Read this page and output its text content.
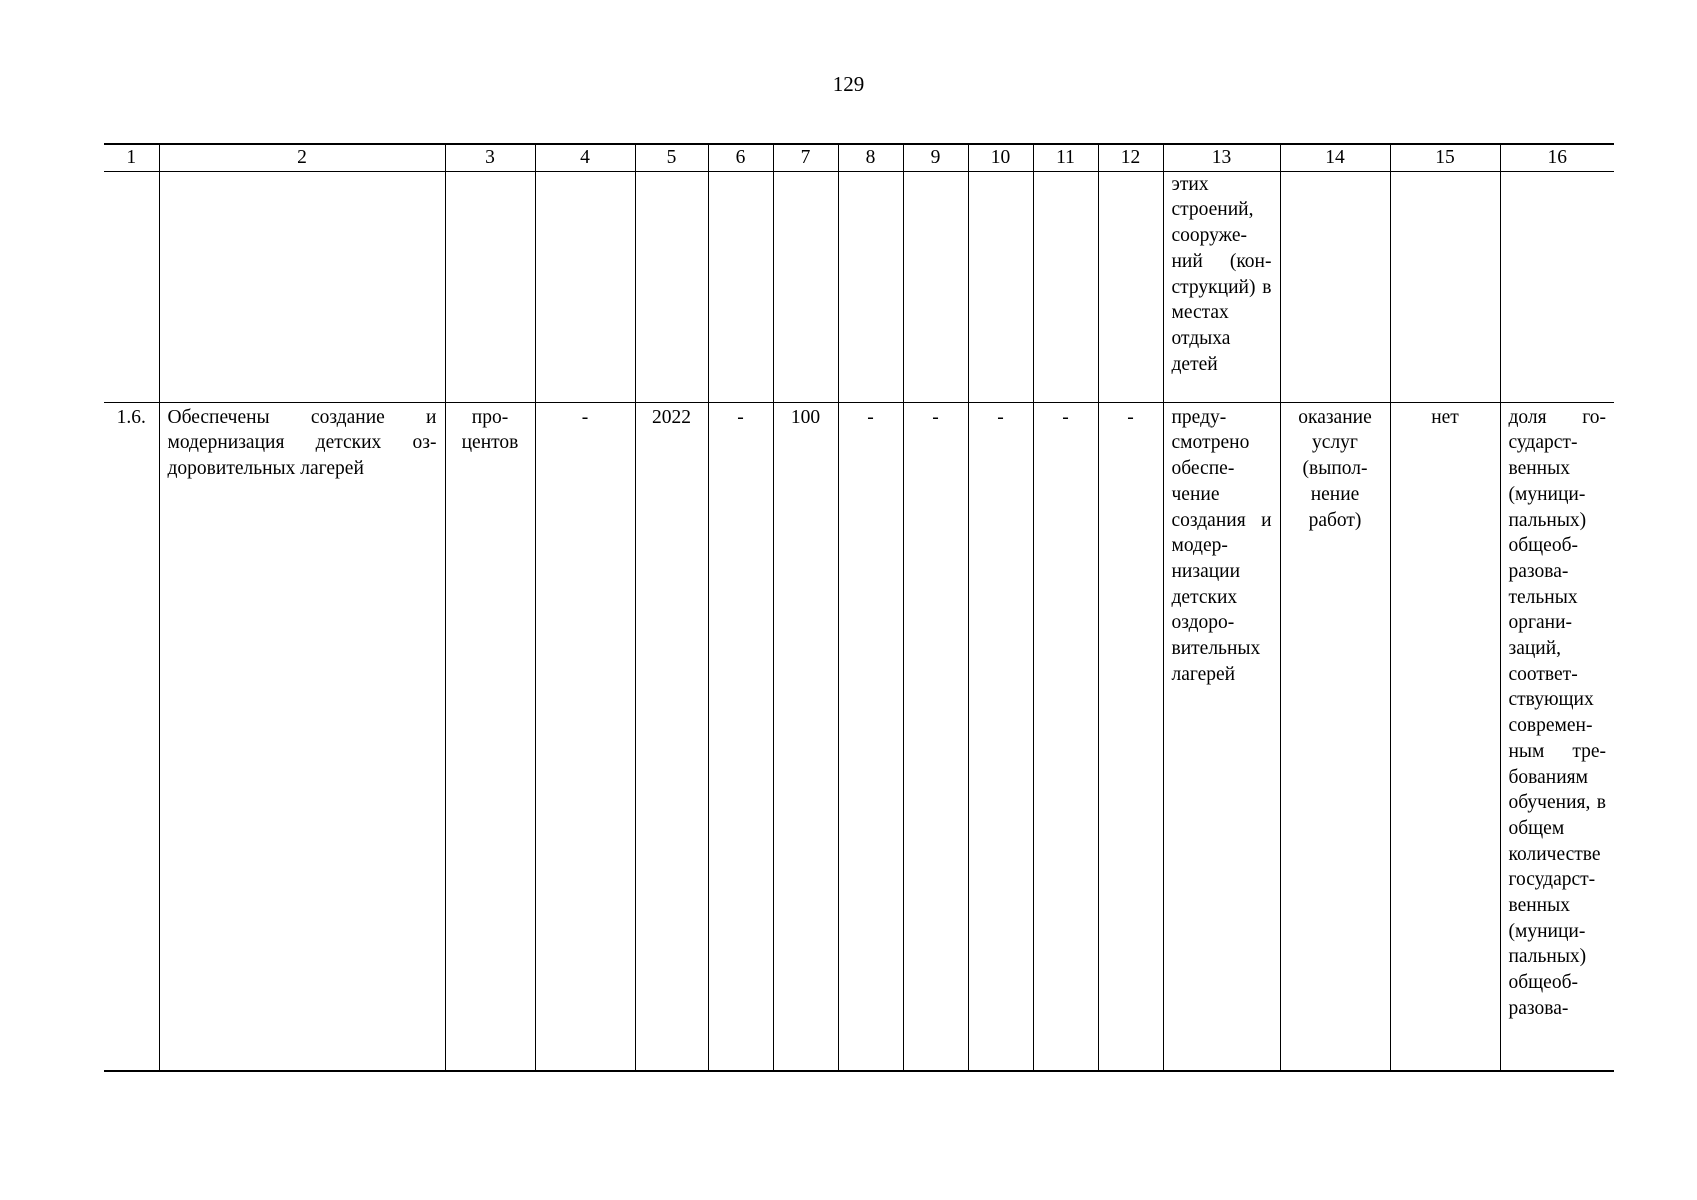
129
1	2	3	4	5	6	7	8	9	10	11	12	13	14	15	16
												этих строений, сооружений (конструкций) в местах отдыха детей			
1.6.	Обеспечены создание и модернизация детских оздоровительных лагерей	процентов	-	2022	-	100	-	-	-	-	-	предусмотрено обеспечение создания и модернизации детских оздоровительных лагерей	оказание услуг (выполнение работ)	нет	доля государственных (муниципальных) общеобразовательных организаций, соответствующих современным требованиям обучения, в общем количестве государственных (муниципальных) общеобразова-
